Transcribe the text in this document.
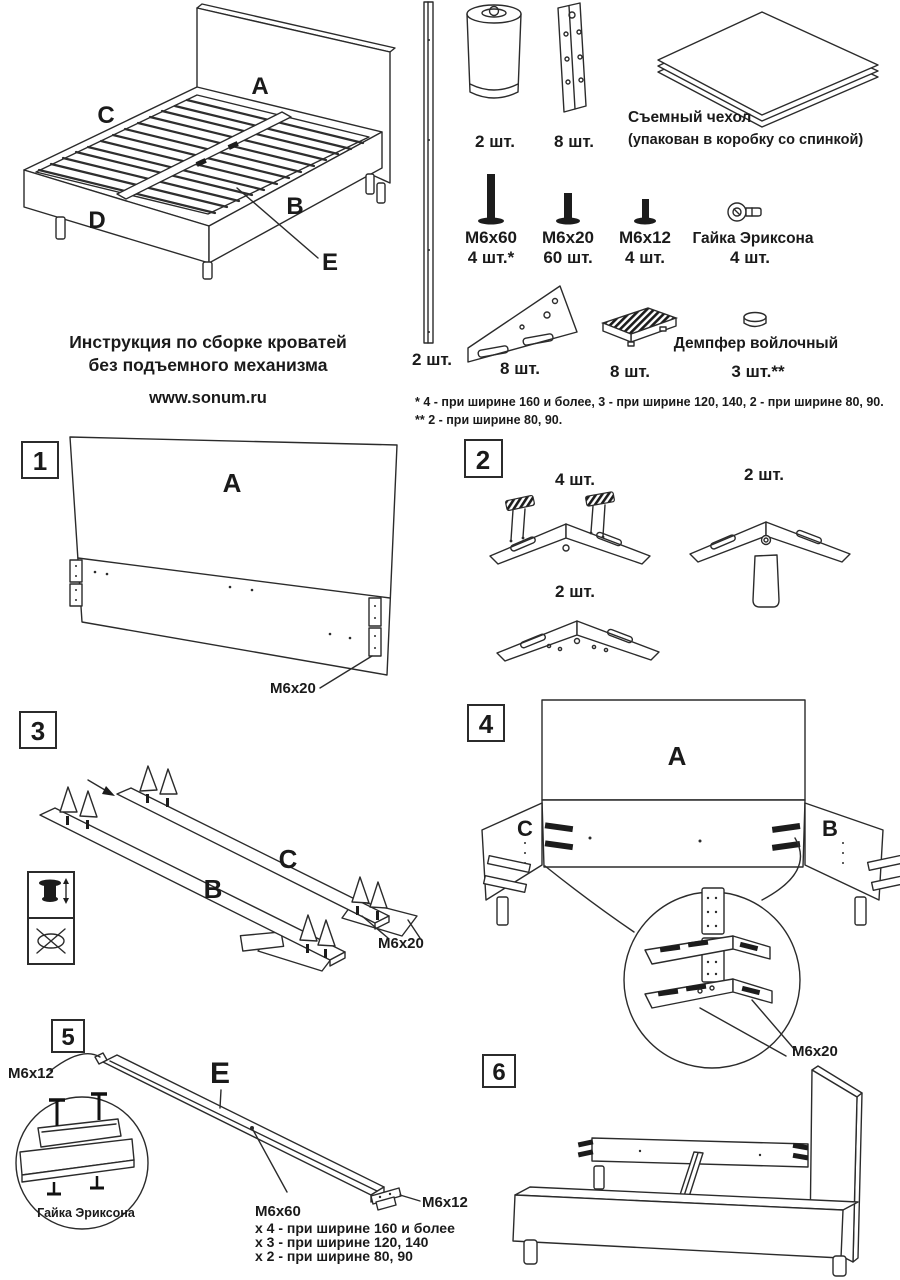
A
C
B
D
E
Инструкция по сборке кроватей
без подъемного механизма
www.sonum.ru
2 шт.
2 шт. 8 шт.
Съемный чехол
(упакован в коробку со спинкой)
M6x60
4 шт.*
M6x20
60 шт.
M6x12
4 шт.
Гайка Эриксона
4 шт.
8 шт.	8 шт.
Демпфер войлочный
3 шт.**
* 4 - при ширине 160 и более, 3 - при ширине 120, 140, 2 - при ширине 80, 90.
** 2 - при ширине 80, 90.
1
A
M6x20
2
4 шт.	2 шт.
2 шт.
3
B
C
M6x20
4
A
C	B
M6x20
5
Гайка Эриксона
E
М6х12
M6x12
M6x60
х 4 - при ширине 160 и более
х 3 - при ширине 120, 140
х 2 - при ширине 80, 90
6
